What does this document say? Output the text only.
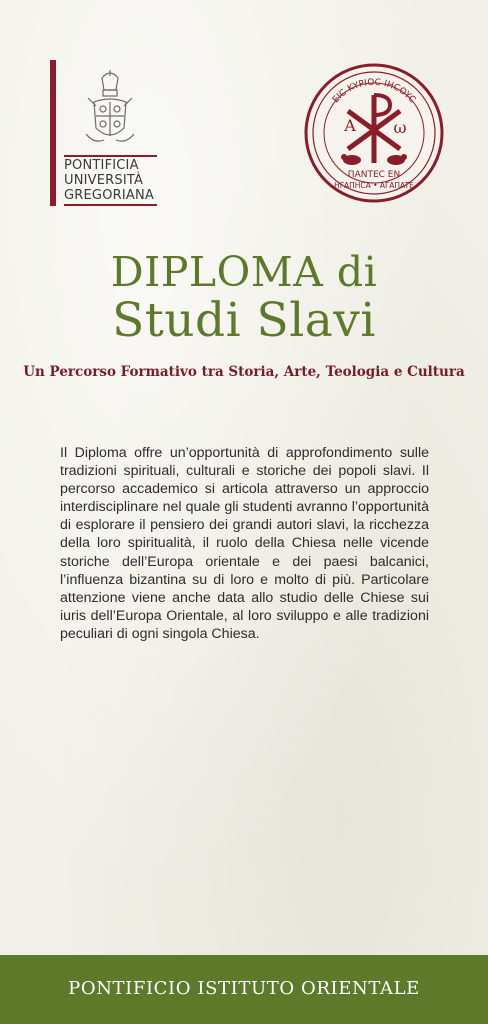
PONTIFICIA
UNIVERSITÀ
GREGORIANA
EIC KYPIOC IHCOYC
A ω
ΠANTEC EN
HΓAΠHCA • AΓAΠATE
DIPLOMA di
Studi Slavi
Un Percorso Formativo tra Storia, Arte, Teologia e Cultura
Il Diploma offre un’opportunità di approfondimento sulle tradizioni spirituali, culturali e storiche dei popoli slavi. Il percorso accademico si articola attraverso un approccio interdisciplinare nel quale gli studenti avranno l’opportunità di esplorare il pensiero dei grandi autori slavi, la ricchezza della loro spiritualità, il ruolo della Chiesa nelle vicende storiche dell’Europa orientale e dei paesi balcanici, l’influenza bizantina su di loro e molto di più. Particolare attenzione viene anche data allo studio delle Chiese sui iuris dell’Europa Orientale, al loro sviluppo e alle tradizioni peculiari di ogni singola Chiesa.
PONTIFICIO ISTITUTO ORIENTALE
